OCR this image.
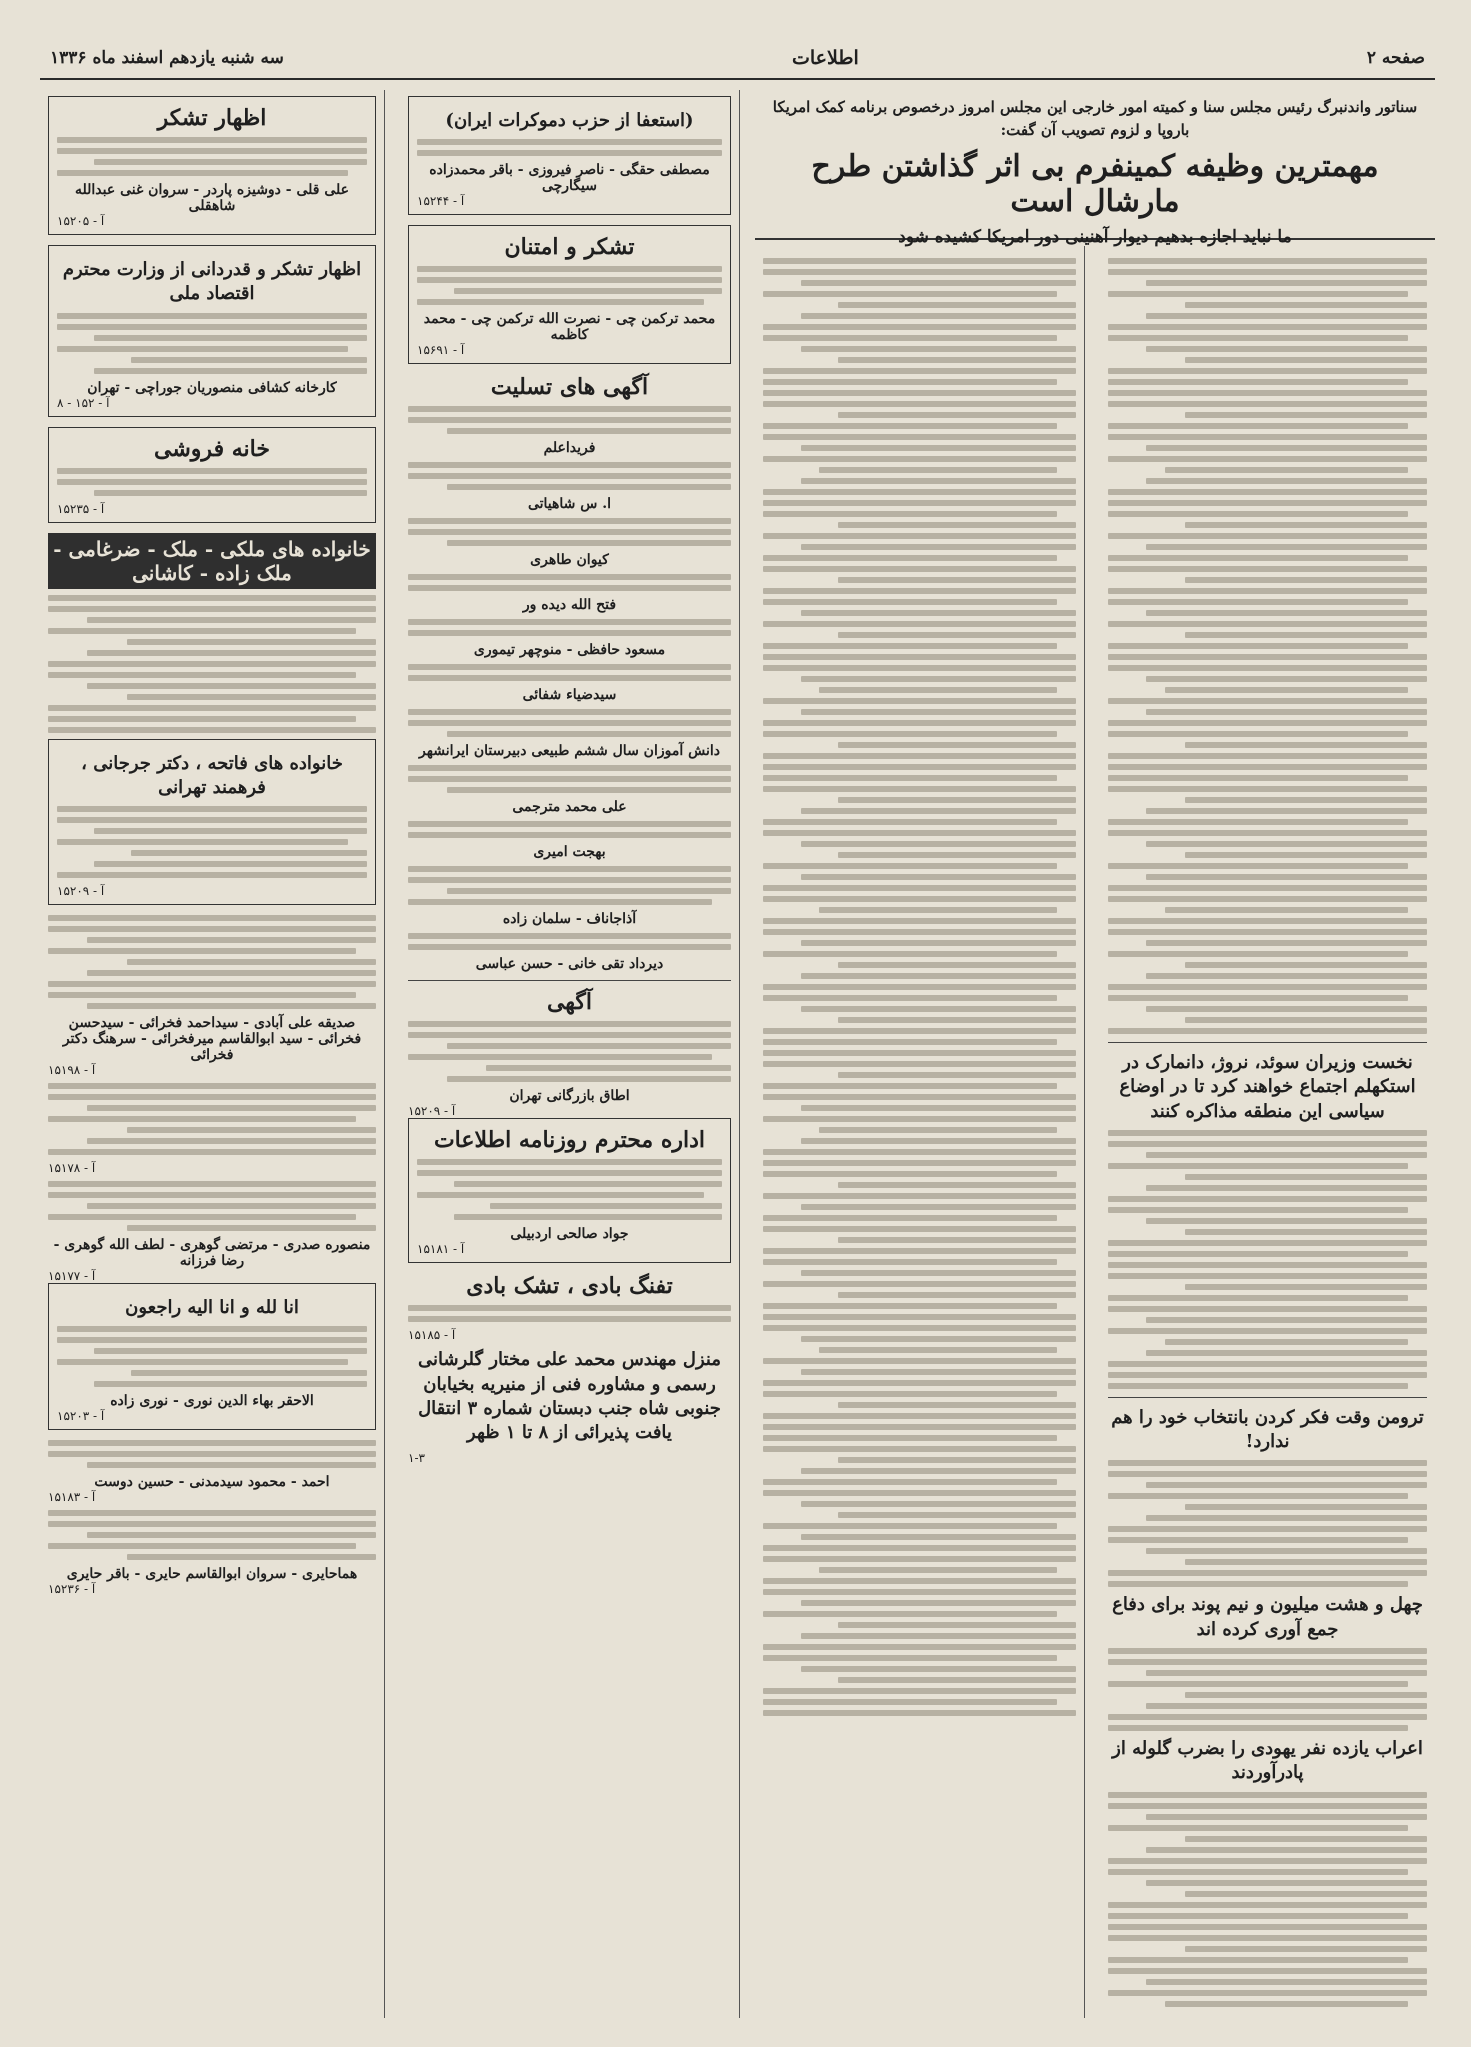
صفحه ۲
اطلاعات
سه شنبه یازدهم اسفند ماه ۱۳۳۶
سناتور واندنبرگ رئیس مجلس سنا و کمیته امور خارجی این مجلس امروز درخصوص برنامه کمک امریکا باروپا و لزوم تصویب آن گفت:
مهمترین وظیفه کمینفرم بی اثر گذاشتن طرح مارشال است
ما نباید اجازه بدهیم دیوار آهنینی دور امریکا کشیده شود
نخست وزیران سوئد، نروژ، دانمارک در استکهلم اجتماع خواهند کرد تا در اوضاع سیاسی این منطقه مذاکره کنند
ترومن وقت فکر کردن بانتخاب خود را هم ندارد!
چهل و هشت میلیون و نیم پوند برای دفاع جمع آوری کرده اند
اعراب یازده نفر یهودی را بضرب گلوله از پادرآوردند
(استعفا از حزب دموکرات ایران)
مصطفی حقگی - ناصر فیروزی - باقر محمدزاده سیگارچی
آ - ۱۵۲۴۴
تشکر و امتنان
محمد ترکمن چی - نصرت الله ترکمن چی - محمد کاظمه
آ - ۱۵۶۹۱
آگهی های تسلیت
فریداعلم
ا. س شاهیاتی
کیوان طاهری
فتح الله دیده ور
مسعود حافظی - منوچهر تیموری
سیدضیاء شفائی
دانش آموزان سال ششم طبیعی دبیرستان ایرانشهر
علی محمد مترجمی
بهجت امیری
آذاجاناف - سلمان زاده
دیرداد تقی خانی - حسن عباسی
آگهی
اطاق بازرگانی تهران
آ - ۱۵۲۰۹
اداره محترم روزنامه اطلاعات
جواد صالحی اردبیلی
آ - ۱۵۱۸۱
تفنگ بادی ، تشک بادی
آ - ۱۵۱۸۵
منزل مهندس محمد علی مختار گلرشانی رسمی و مشاوره فنی از منیریه بخیابان جنوبی شاه جنب دبستان شماره ۳ انتقال یافت پذیرائی از ۸ تا ۱ ظهر
۱-۳
اظهار تشکر
علی قلی - دوشیزه پاردر - سروان غنی عبدالله شاهقلی
آ - ۱۵۲۰۵
اظهار تشکر و قدردانی از وزارت محترم اقتصاد ملی
کارخانه کشافی منصوریان جوراچی - تهران
آ - ۱۵۲ - ۸
خانه فروشی
آ - ۱۵۲۳۵
خانواده های ملکی - ملک - ضرغامی - ملک زاده - کاشانی
خانواده های فاتحه ، دکتر جرجانی ، فرهمند تهرانی
آ - ۱۵۲۰۹
صدیقه علی آبادی - سیداحمد فخرائی - سیدحسن فخرائی - سید ابوالقاسم میرفخرائی - سرهنگ دکتر فخرائی
آ - ۱۵۱۹۸
آ - ۱۵۱۷۸
منصوره صدری - مرتضی گوهری - لطف الله گوهری - رضا فرزانه
آ - ۱۵۱۷۷
انا لله و انا الیه راجعون
الاحقر بهاء الدین نوری - نوری زاده
آ - ۱۵۲۰۳
احمد - محمود سیدمدنی - حسین دوست
آ - ۱۵۱۸۳
هماحایری - سروان ابوالقاسم حایری - باقر حایری
آ - ۱۵۲۳۶
